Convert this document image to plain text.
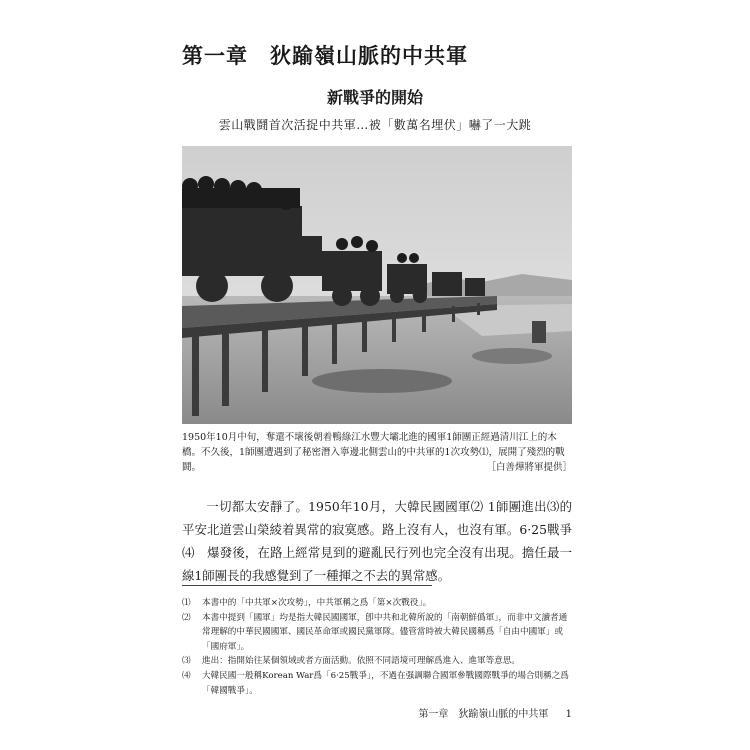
第一章　狄踰嶺山脈的中共軍
新戰爭的開始
雲山戰鬪首次活捉中共軍…被「數萬名埋伏」嚇了一大跳
1950年10月中旬，奪還不壞後朝着鴨綠江水豐大壩北進的國軍1師團正經過清川江上的木橋。不久後，1師團遭遇到了秘密潛入寧邊北側雲山的中共軍的1次攻勢⑴，展開了殘烈的戰鬪。	［白善燁將軍提供］
一切都太安靜了。1950年10月，大韓民國國軍⑵ 1師團進出⑶的平安北道雲山榮綾着異常的寂寞感。路上沒有人，也沒有軍。6·25戰爭⑷　爆發後，在路上經常見到的避亂民行列也完全沒有出現。擔任最一線1師團長的我感覺到了一種揮之不去的異常感。
⑴	本書中的「中共軍×次攻勢」，中共軍稱之爲「第×次戰役」。
⑵	本書中提到「國軍」均是指大韓民國國軍，卽中共和北韓所說的「南朝鮮僞軍」，而非中文讀者通常理解的中華民國國軍、國民革命軍或國民黨軍隊。儘管當時被大韓民國稱爲「自由中國軍」或「國府軍」。
⑶	進出：指開始往某個領域或者方面活動。依照不同語境可理解爲進入、進軍等意思。
⑷	大韓民國一般稱Korean War爲「6·25戰爭」，不過在强調聯合國軍參戰國際戰爭的場合則稱之爲「韓國戰爭」。
第一章　狄踰嶺山脈的中共軍 1
